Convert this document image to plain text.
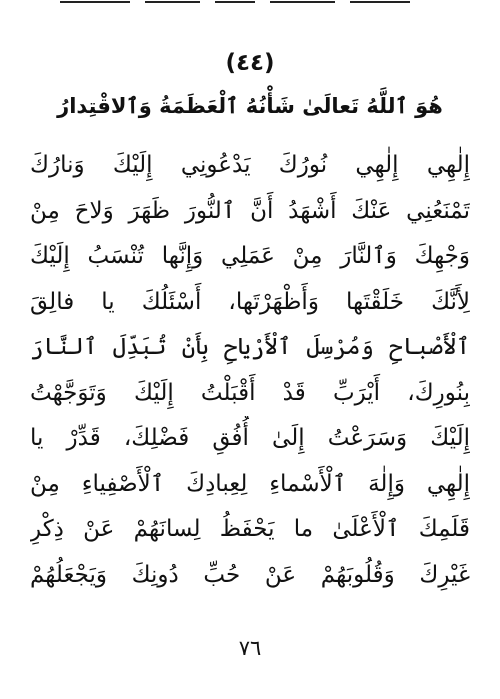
(٤٤)
هُوَ ٱللَّهُ تَعالَىٰ شَأْنُهُ ٱلْعَظَمَةُ وَٱلاقْتِدارُ
إِلٰهِي إِلٰهِي نُورُكَ يَدْعُونِي إِلَيْكَ وَنارُكَ
تَمْنَعُنِي عَنْكَ أَشْهَدُ أَنَّ ٱلنُّورَ ظَهَرَ وَلاحَ مِنْ
وَجْهِكَ وَٱلنَّارَ مِنْ عَمَلِي وَإِنَّها تُنْسَبُ إِلَيْكَ
لِأَنَّكَ خَلَقْتَها وَأَظْهَرْتَها، أَسْئَلُكَ يا فالِقَ
ٱلْأَصْباحِ وَمُرْسِلَ ٱلْأَرْياحِ بِأَنْ تُبَدِّلَ ٱلنَّارَ
بِنُورِكَ، أَيْرَبِّ قَدْ أَقْبَلْتُ إِلَيْكَ وَتَوَجَّهْتُ
إِلَيْكَ وَسَرَعْتُ إِلَىٰ أُفُقِ فَضْلِكَ، قَدِّرْ يا
إِلٰهِي وَإِلٰهَ ٱلْأَسْماءِ لِعِبادِكَ ٱلْأَصْفِياءِ مِنْ
قَلَمِكَ ٱلْأَعْلَىٰ ما يَحْفَظُ لِسانَهُمْ عَنْ ذِكْرِ
غَيْرِكَ وَقُلُوبَهُمْ عَنْ حُبِّ دُونِكَ وَيَجْعَلُهُمْ
٧٦
